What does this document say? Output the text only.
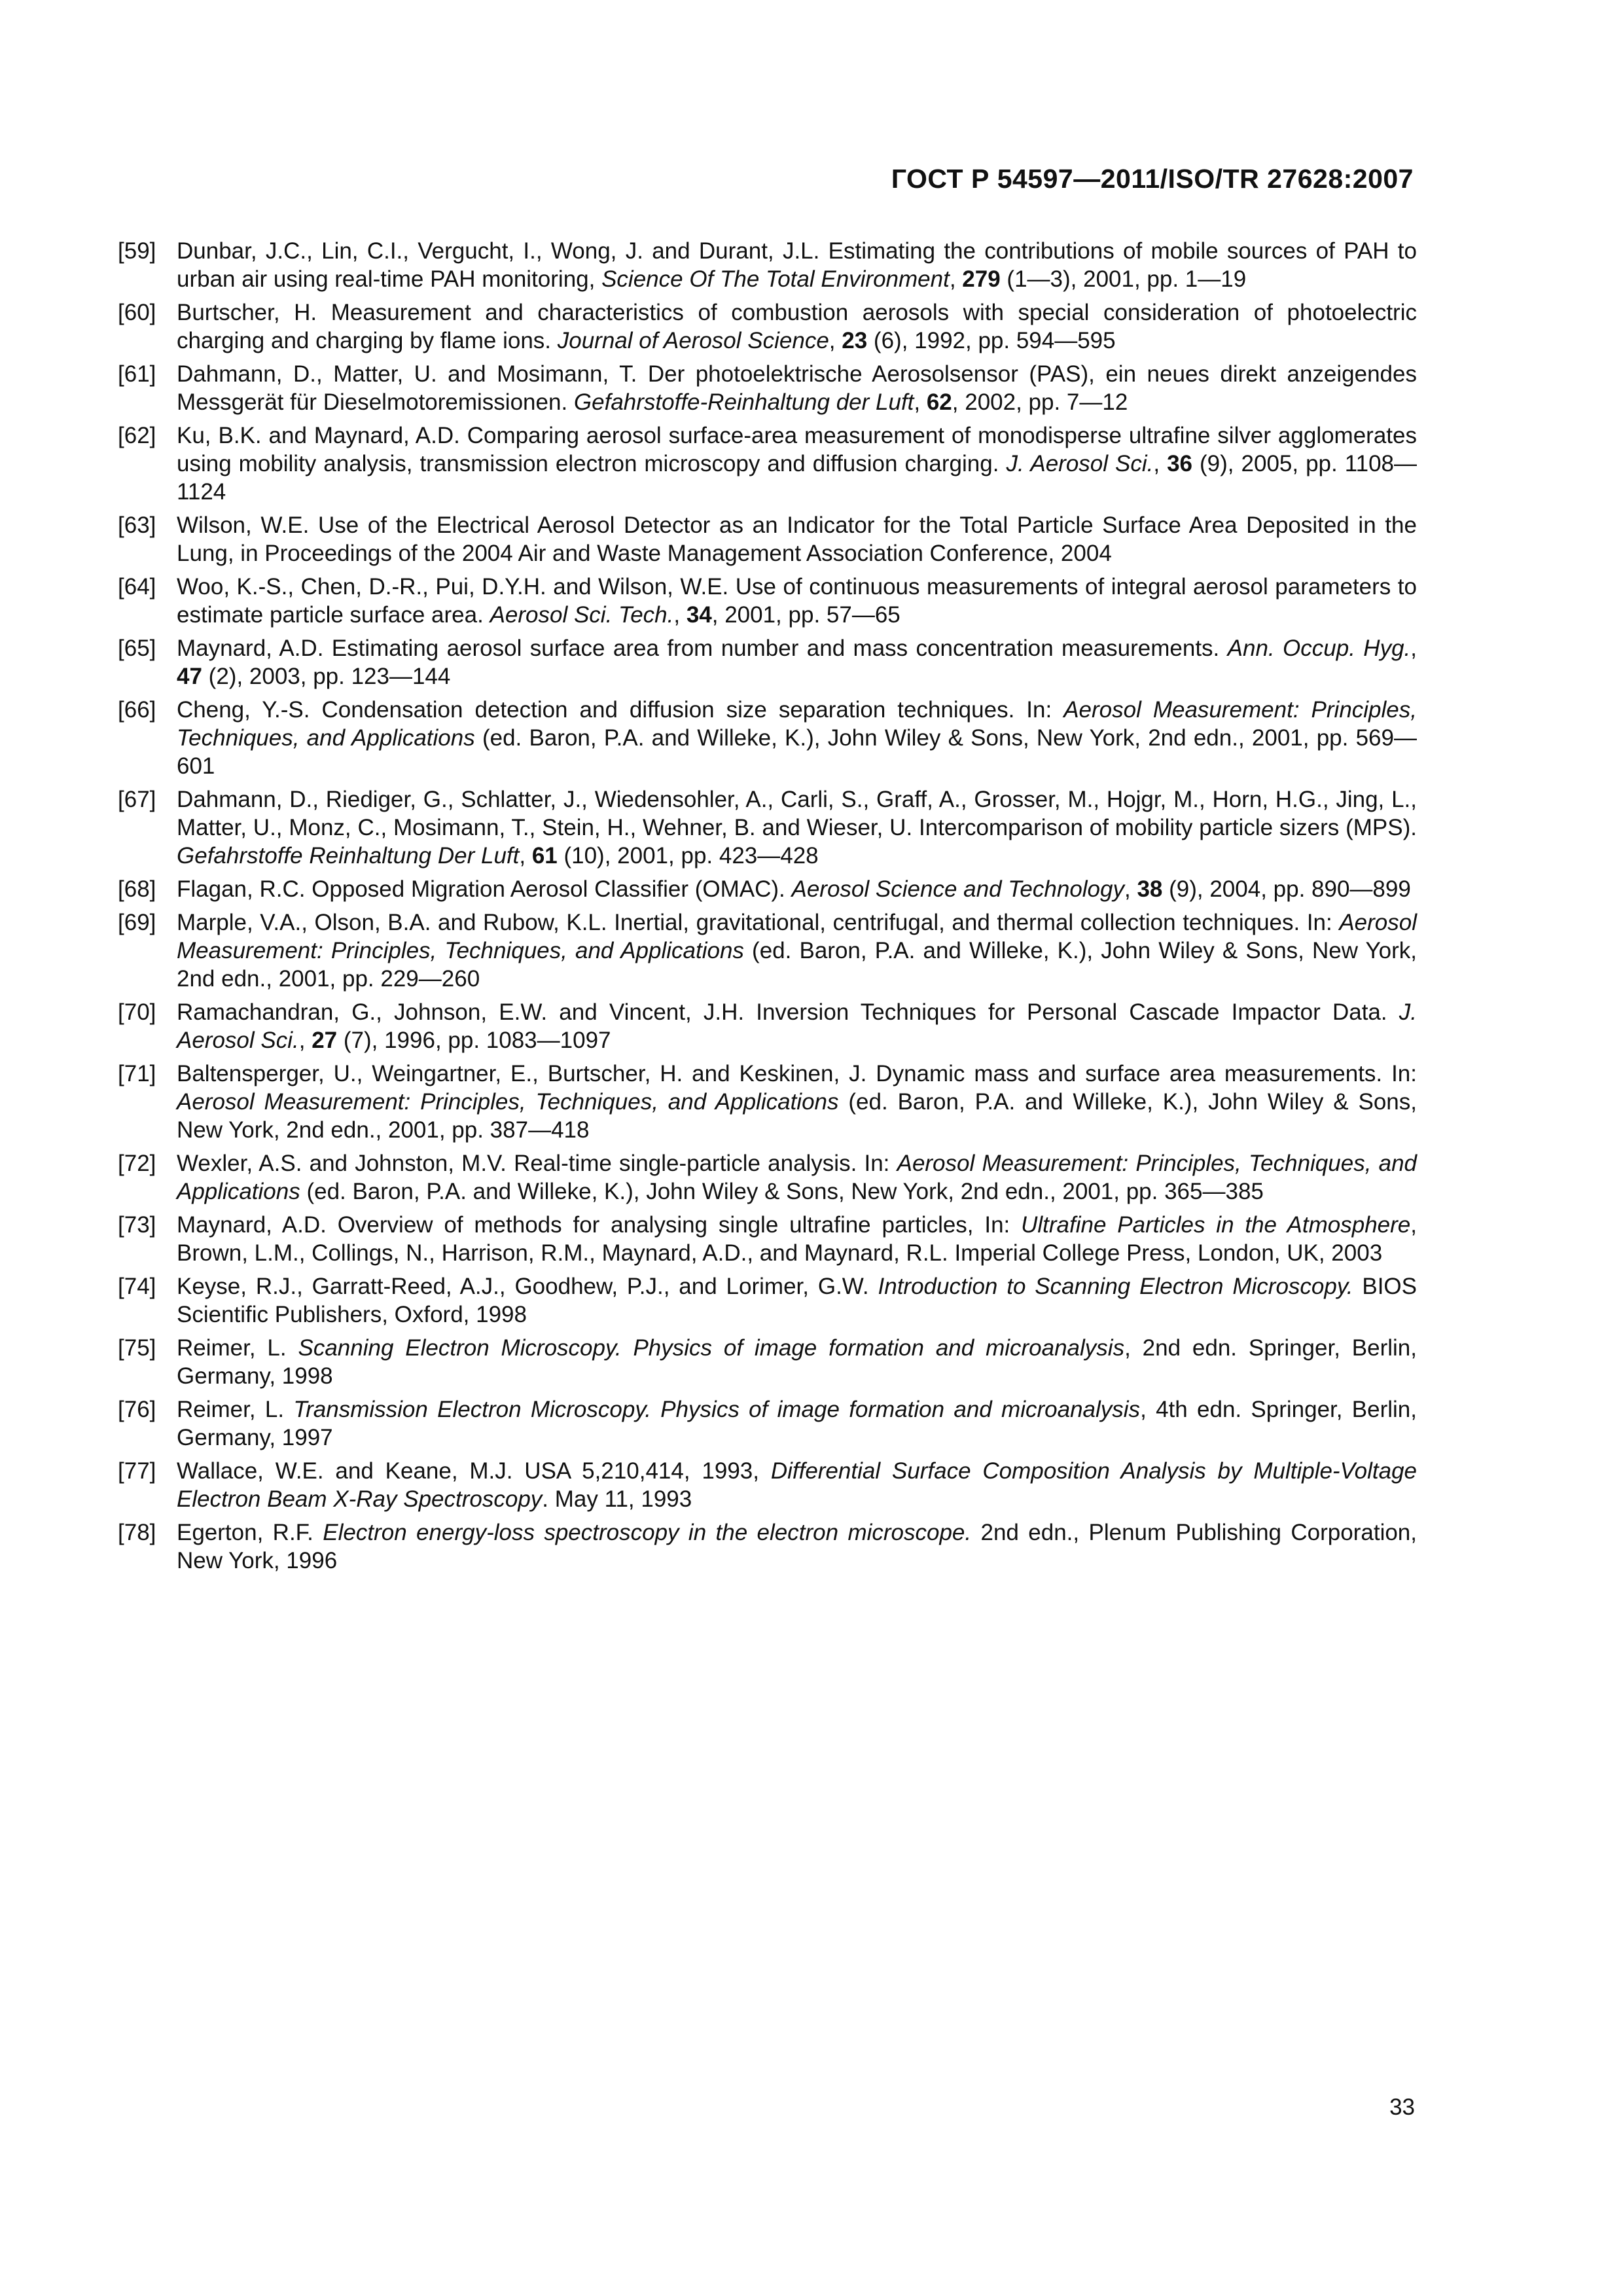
ГОСТ Р 54597—2011/ISO/TR 27628:2007
[59] Dunbar, J.C., Lin, C.I., Vergucht, I., Wong, J. and Durant, J.L. Estimating the contributions of mobile sources of PAH to urban air using real-time PAH monitoring, Science Of The Total Environment, 279 (1—3), 2001, pp. 1—19
[60] Burtscher, H. Measurement and characteristics of combustion aerosols with special consideration of photoelectric charging and charging by flame ions. Journal of Aerosol Science, 23 (6), 1992, pp. 594—595
[61] Dahmann, D., Matter, U. and Mosimann, T. Der photoelektrische Aerosolsensor (PAS), ein neues direkt anzeigendes Messgerät für Dieselmotoremissionen. Gefahrstoffe-Reinhaltung der Luft, 62, 2002, pp. 7—12
[62] Ku, B.K. and Maynard, A.D. Comparing aerosol surface-area measurement of monodisperse ultrafine silver agglomerates using mobility analysis, transmission electron microscopy and diffusion charging. J. Aerosol Sci., 36 (9), 2005, pp. 1108—1124
[63] Wilson, W.E. Use of the Electrical Aerosol Detector as an Indicator for the Total Particle Surface Area Deposited in the Lung, in Proceedings of the 2004 Air and Waste Management Association Conference, 2004
[64] Woo, K.-S., Chen, D.-R., Pui, D.Y.H. and Wilson, W.E. Use of continuous measurements of integral aerosol parameters to estimate particle surface area. Aerosol Sci. Tech., 34, 2001, pp. 57—65
[65] Maynard, A.D. Estimating aerosol surface area from number and mass concentration measurements. Ann. Occup. Hyg., 47 (2), 2003, pp. 123—144
[66] Cheng, Y.-S. Condensation detection and diffusion size separation techniques. In: Aerosol Measurement: Principles, Techniques, and Applications (ed. Baron, P.A. and Willeke, K.), John Wiley & Sons, New York, 2nd edn., 2001, pp. 569—601
[67] Dahmann, D., Riediger, G., Schlatter, J., Wiedensohler, A., Carli, S., Graff, A., Grosser, M., Hojgr, M., Horn, H.G., Jing, L., Matter, U., Monz, C., Mosimann, T., Stein, H., Wehner, B. and Wieser, U. Intercomparison of mobility particle sizers (MPS). Gefahrstoffe Reinhaltung Der Luft, 61 (10), 2001, pp. 423—428
[68] Flagan, R.C. Opposed Migration Aerosol Classifier (OMAC). Aerosol Science and Technology, 38 (9), 2004, pp. 890—899
[69] Marple, V.A., Olson, B.A. and Rubow, K.L. Inertial, gravitational, centrifugal, and thermal collection techniques. In: Aerosol Measurement: Principles, Techniques, and Applications (ed. Baron, P.A. and Willeke, K.), John Wiley & Sons, New York, 2nd edn., 2001, pp. 229—260
[70] Ramachandran, G., Johnson, E.W. and Vincent, J.H. Inversion Techniques for Personal Cascade Impactor Data. J. Aerosol Sci., 27 (7), 1996, pp. 1083—1097
[71] Baltensperger, U., Weingartner, E., Burtscher, H. and Keskinen, J. Dynamic mass and surface area measurements. In: Aerosol Measurement: Principles, Techniques, and Applications (ed. Baron, P.A. and Willeke, K.), John Wiley & Sons, New York, 2nd edn., 2001, pp. 387—418
[72] Wexler, A.S. and Johnston, M.V. Real-time single-particle analysis. In: Aerosol Measurement: Principles, Techniques, and Applications (ed. Baron, P.A. and Willeke, K.), John Wiley & Sons, New York, 2nd edn., 2001, pp. 365—385
[73] Maynard, A.D. Overview of methods for analysing single ultrafine particles, In: Ultrafine Particles in the Atmosphere, Brown, L.M., Collings, N., Harrison, R.M., Maynard, A.D., and Maynard, R.L. Imperial College Press, London, UK, 2003
[74] Keyse, R.J., Garratt-Reed, A.J., Goodhew, P.J., and Lorimer, G.W. Introduction to Scanning Electron Microscopy. BIOS Scientific Publishers, Oxford, 1998
[75] Reimer, L. Scanning Electron Microscopy. Physics of image formation and microanalysis, 2nd edn. Springer, Berlin, Germany, 1998
[76] Reimer, L. Transmission Electron Microscopy. Physics of image formation and microanalysis, 4th edn. Springer, Berlin, Germany, 1997
[77] Wallace, W.E. and Keane, M.J. USA 5,210,414, 1993, Differential Surface Composition Analysis by Multiple-Voltage Electron Beam X-Ray Spectroscopy. May 11, 1993
[78] Egerton, R.F. Electron energy-loss spectroscopy in the electron microscope. 2nd edn., Plenum Publishing Corporation, New York, 1996
33
